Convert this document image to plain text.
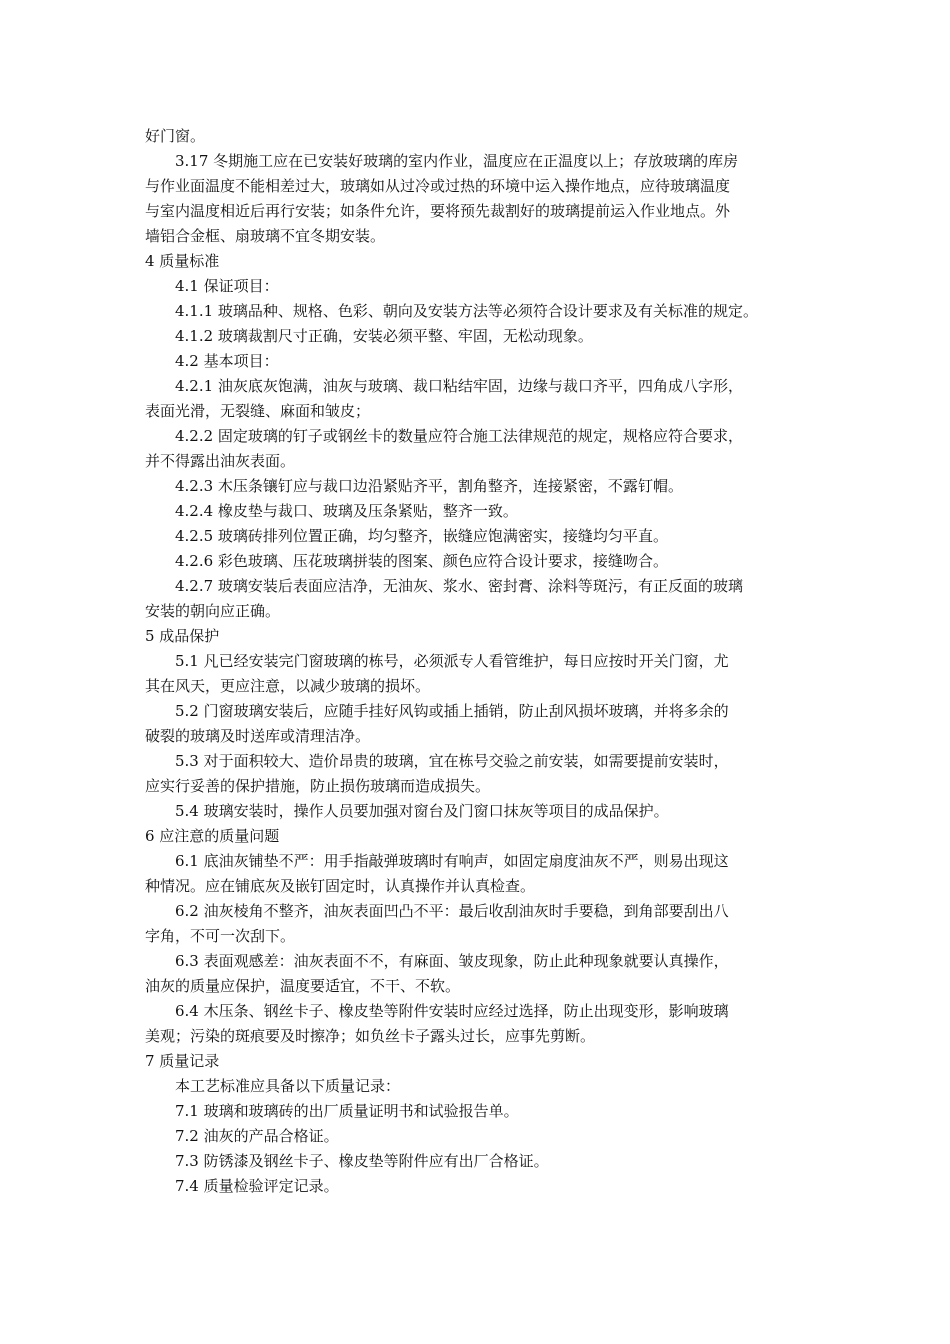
好门窗。
3.17 冬期施工应在已安装好玻璃的室内作业，温度应在正温度以上；存放玻璃的库房
与作业面温度不能相差过大，玻璃如从过冷或过热的环境中运入操作地点，应待玻璃温度
与室内温度相近后再行安装；如条件允许，要将预先裁割好的玻璃提前运入作业地点。外
墙铝合金框、扇玻璃不宜冬期安装。
4 质量标准
4.1 保证项目：
4.1.1 玻璃品种、规格、色彩、朝向及安装方法等必须符合设计要求及有关标准的规定。
4.1.2 玻璃裁割尺寸正确，安装必须平整、牢固，无松动现象。
4.2 基本项目：
4.2.1 油灰底灰饱满，油灰与玻璃、裁口粘结牢固，边缘与裁口齐平，四角成八字形，
表面光滑，无裂缝、麻面和皱皮；
4.2.2 固定玻璃的钉子或钢丝卡的数量应符合施工法律规范的规定，规格应符合要求，
并不得露出油灰表面。
4.2.3 木压条镶钉应与裁口边沿紧贴齐平，割角整齐，连接紧密，不露钉帽。
4.2.4 橡皮垫与裁口、玻璃及压条紧贴，整齐一致。
4.2.5 玻璃砖排列位置正确，均匀整齐，嵌缝应饱满密实，接缝均匀平直。
4.2.6 彩色玻璃、压花玻璃拼装的图案、颜色应符合设计要求，接缝吻合。
4.2.7 玻璃安装后表面应洁净，无油灰、浆水、密封膏、涂料等斑污，有正反面的玻璃
安装的朝向应正确。
5 成品保护
5.1 凡已经安装完门窗玻璃的栋号，必须派专人看管维护，每日应按时开关门窗，尤
其在风天，更应注意，以减少玻璃的损坏。
5.2 门窗玻璃安装后，应随手挂好风钩或插上插销，防止刮风损坏玻璃，并将多余的
破裂的玻璃及时送库或清理洁净。
5.3 对于面积较大、造价昂贵的玻璃，宜在栋号交验之前安装，如需要提前安装时，
应实行妥善的保护措施，防止损伤玻璃而造成损失。
5.4 玻璃安装时，操作人员要加强对窗台及门窗口抹灰等项目的成品保护。
6 应注意的质量问题
6.1 底油灰铺垫不严：用手指敲弹玻璃时有响声，如固定扇度油灰不严，则易出现这
种情况。应在铺底灰及嵌钉固定时，认真操作并认真检查。
6.2 油灰棱角不整齐，油灰表面凹凸不平：最后收刮油灰时手要稳，到角部要刮出八
字角，不可一次刮下。
6.3 表面观感差：油灰表面不不，有麻面、皱皮现象，防止此种现象就要认真操作，
油灰的质量应保护，温度要适宜，不干、不软。
6.4 木压条、钢丝卡子、橡皮垫等附件安装时应经过选择，防止出现变形，影响玻璃
美观；污染的斑痕要及时擦净；如负丝卡子露头过长，应事先剪断。
7 质量记录
本工艺标准应具备以下质量记录：
7.1 玻璃和玻璃砖的出厂质量证明书和试验报告单。
7.2 油灰的产品合格证。
7.3 防锈漆及钢丝卡子、橡皮垫等附件应有出厂合格证。
7.4 质量检验评定记录。
